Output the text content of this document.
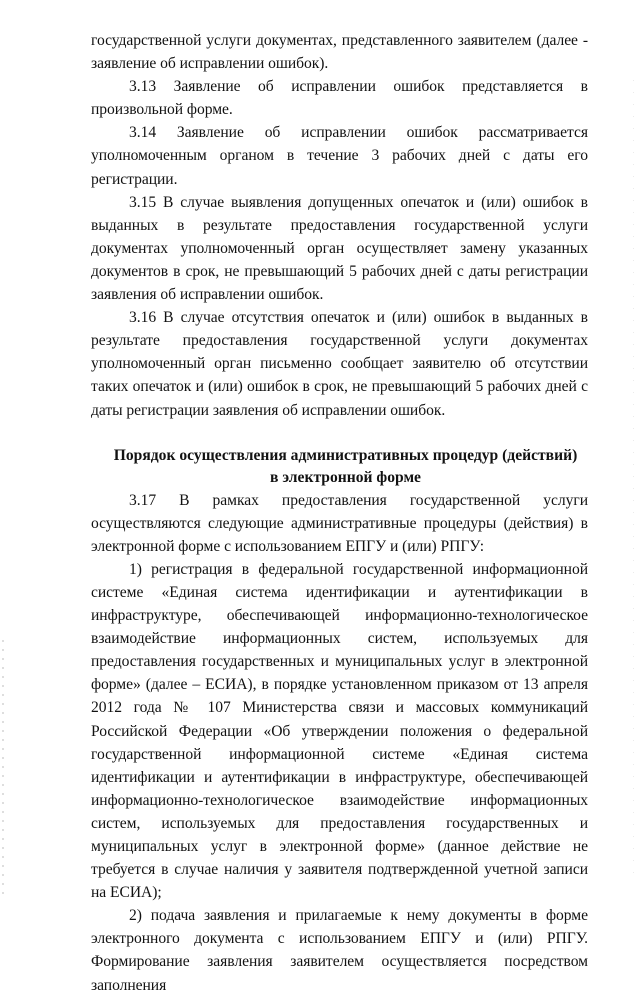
государственной услуги документах, представленного заявителем (далее - заявление об исправлении ошибок).

3.13 Заявление об исправлении ошибок представляется в произвольной форме.

3.14 Заявление об исправлении ошибок рассматривается уполномоченным органом в течение 3 рабочих дней с даты его регистрации.

3.15 В случае выявления допущенных опечаток и (или) ошибок в выданных в результате предоставления государственной услуги документах уполномоченный орган осуществляет замену указанных документов в срок, не превышающий 5 рабочих дней с даты регистрации заявления об исправлении ошибок.

3.16 В случае отсутствия опечаток и (или) ошибок в выданных в результате предоставления государственной услуги документах уполномоченный орган письменно сообщает заявителю об отсутствии таких опечаток и (или) ошибок в срок, не превышающий 5 рабочих дней с даты регистрации заявления об исправлении ошибок.

Порядок осуществления административных процедур (действий)

в электронной форме

3.17 В рамках предоставления государственной услуги осуществляются следующие административные процедуры (действия) в электронной форме с использованием ЕПГУ и (или) РПГУ:

1) регистрация в федеральной государственной информационной системе «Единая система идентификации и аутентификации в инфраструктуре, обеспечивающей информационно-технологическое взаимодействие информационных систем, используемых для предоставления государственных и муниципальных услуг в электронной форме» (далее – ЕСИА), в порядке установленном приказом от 13 апреля 2012 года № 107 Министерства связи и массовых коммуникаций Российской Федерации «Об утверждении положения о федеральной государственной информационной системе «Единая система идентификации и аутентификации в инфраструктуре, обеспечивающей информационно-технологическое взаимодействие информационных систем, используемых для предоставления государственных и муниципальных услуг в электронной форме» (данное действие не требуется в случае наличия у заявителя подтвержденной учетной записи на ЕСИА);

2) подача заявления и прилагаемые к нему документы в форме электронного документа с использованием ЕПГУ и (или) РПГУ. Формирование заявления заявителем осуществляется посредством заполнения
